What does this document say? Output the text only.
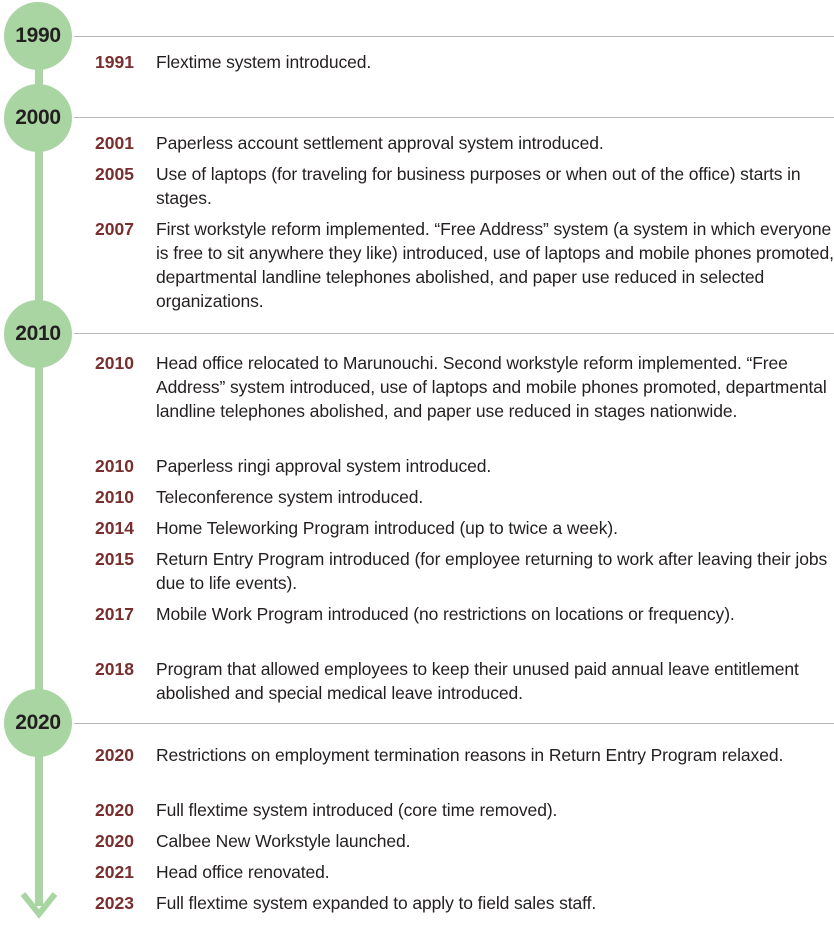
1990
2000
2010
2020
1991 Flextime system introduced.
2001 Paperless account settlement approval system introduced.
2005 Use of laptops (for traveling for business purposes or when out of the office) starts in stages.
2007 First workstyle reform implemented. “Free Address” system (a system in which everyone is free to sit anywhere they like) introduced, use of laptops and mobile phones promoted, departmental landline telephones abolished, and paper use reduced in selected organizations.
2010 Head office relocated to Marunouchi. Second workstyle reform implemented. “Free Address” system introduced, use of laptops and mobile phones promoted, departmental landline telephones abolished, and paper use reduced in stages nationwide.
2010 Paperless ringi approval system introduced.
2010 Teleconference system introduced.
2014 Home Teleworking Program introduced (up to twice a week).
2015 Return Entry Program introduced (for employee returning to work after leaving their jobs due to life events).
2017 Mobile Work Program introduced (no restrictions on locations or frequency).
2018 Program that allowed employees to keep their unused paid annual leave entitlement abolished and special medical leave introduced.
2020 Restrictions on employment termination reasons in Return Entry Program relaxed.
2020 Full flextime system introduced (core time removed).
2020 Calbee New Workstyle launched.
2021 Head office renovated.
2023 Full flextime system expanded to apply to field sales staff.
